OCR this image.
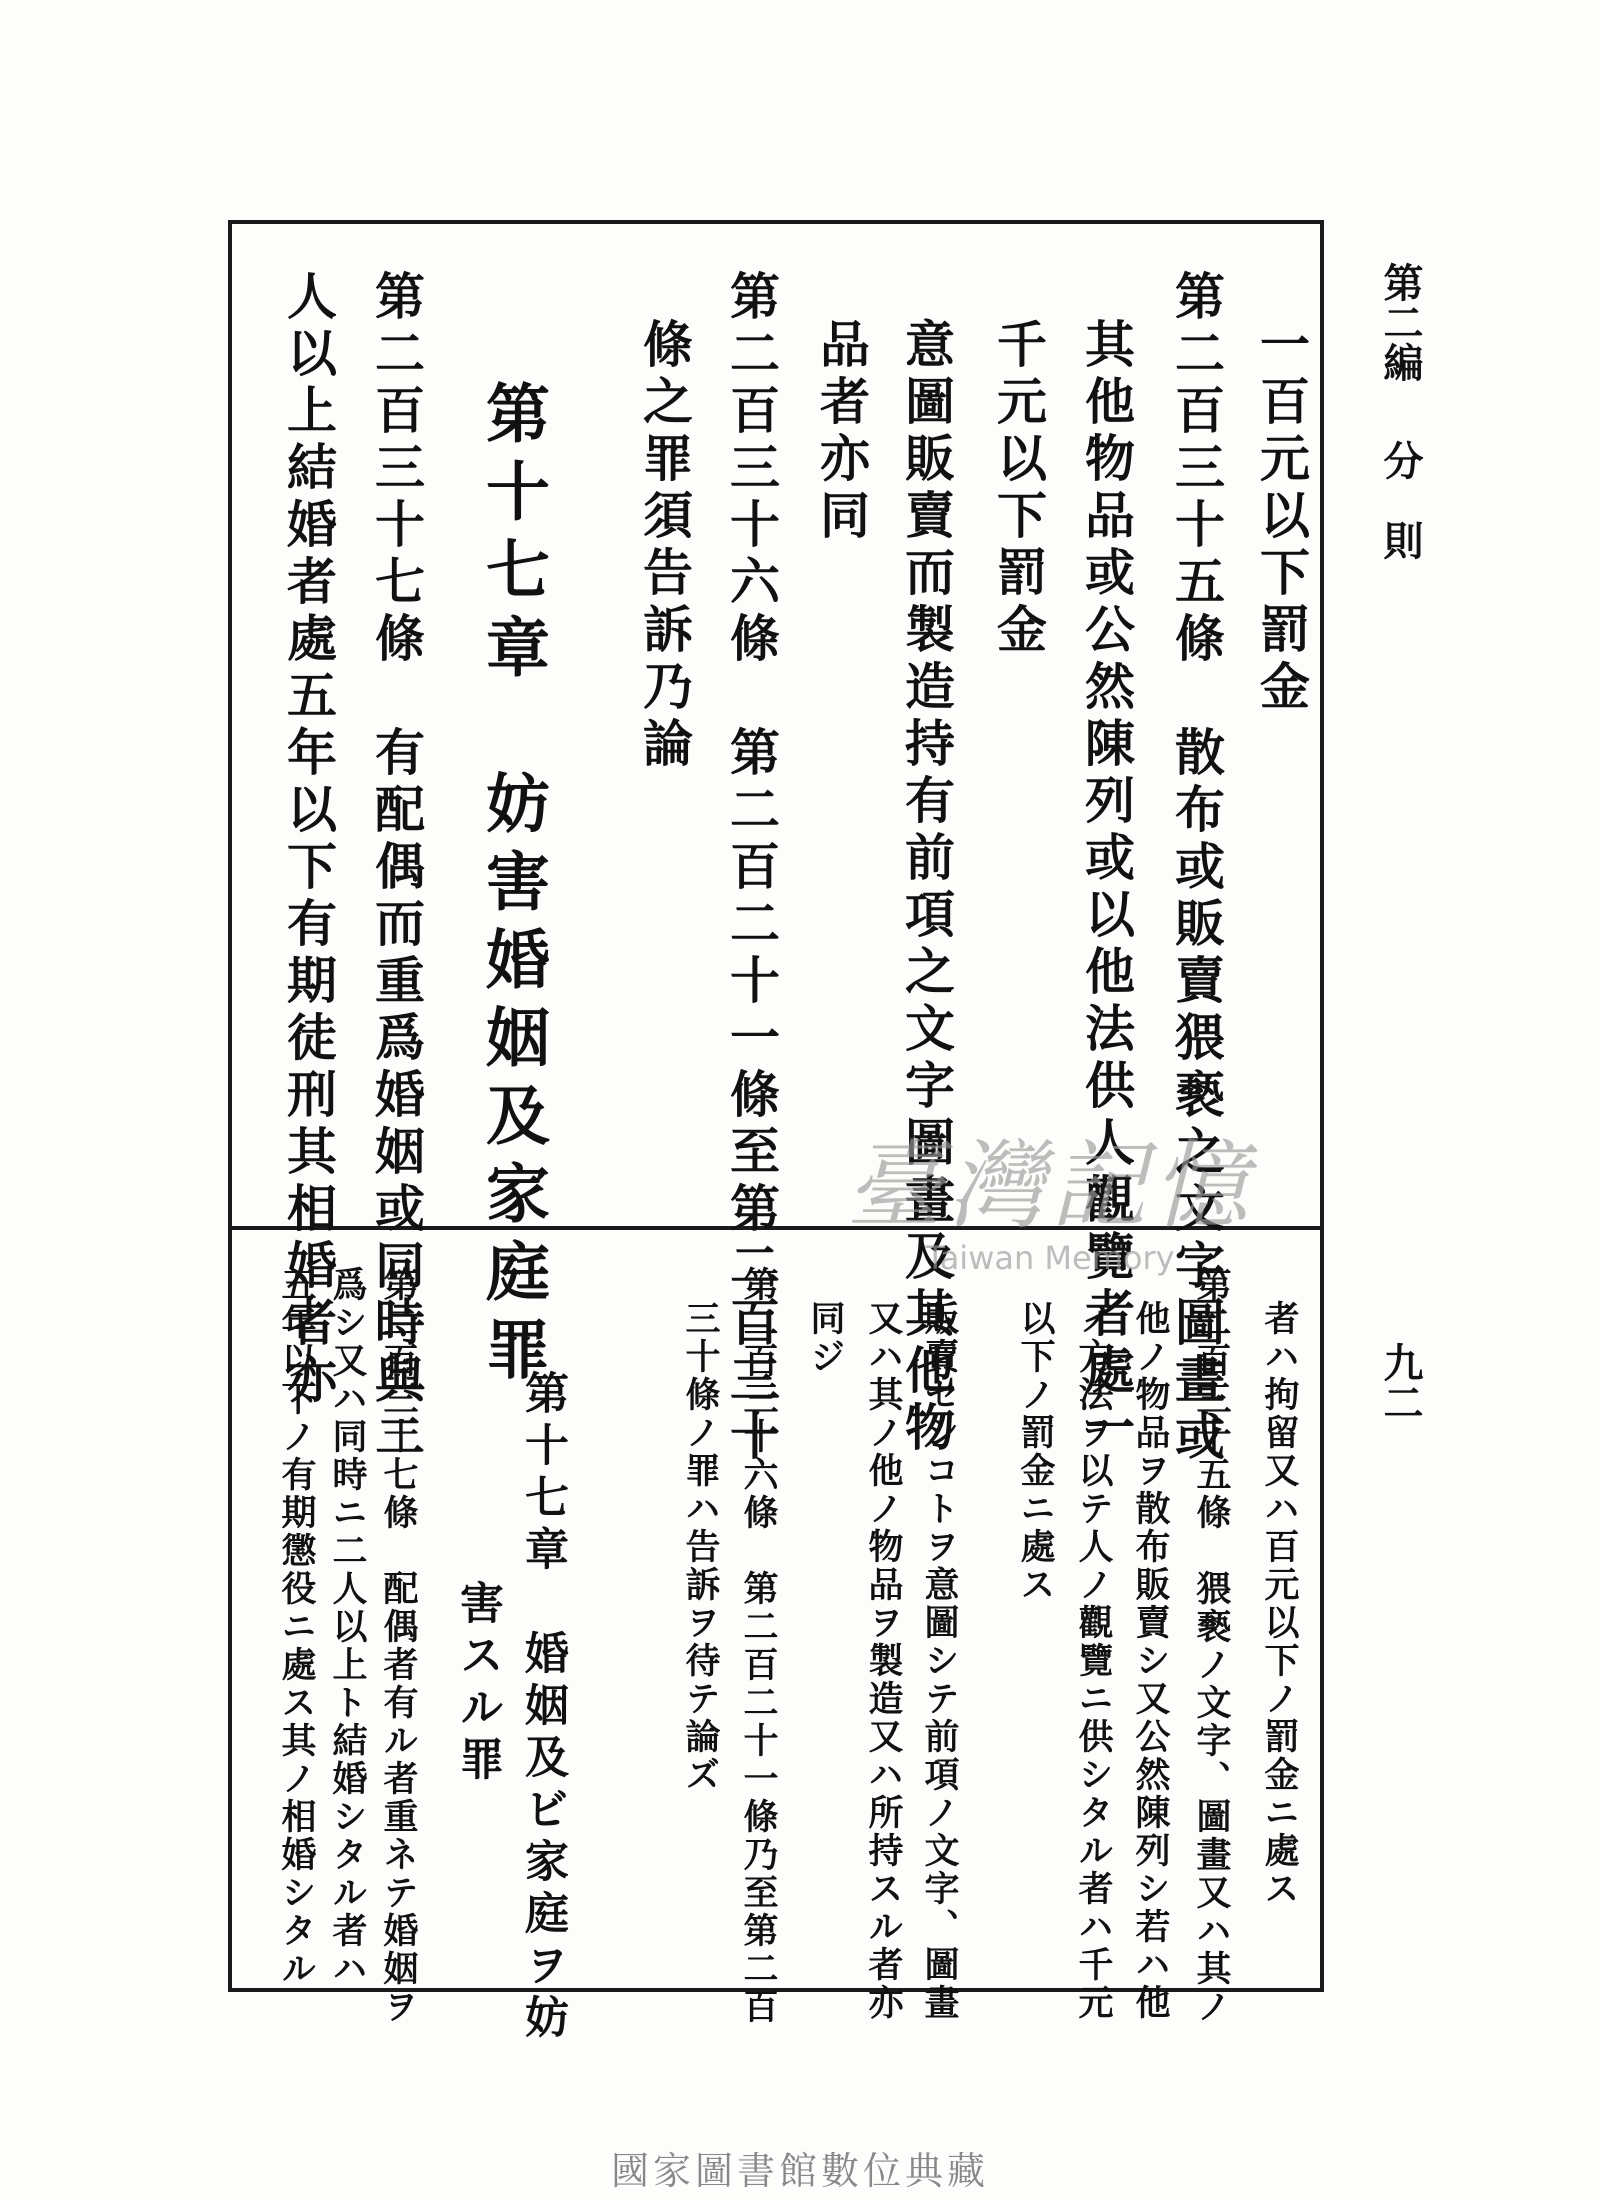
第二編
分　則
九二
一百元以下罰金
第二百三十五條　散布或販賣猥褻之文字圖畫或
其他物品或公然陳列或以他法供人觀覽者處一
千元以下罰金
意圖販賣而製造持有前項之文字圖畫及其他物
品者亦同
第二百三十六條　第二百二十一條至第二百三十
條之罪須告訴乃論
第十七章　妨害婚姻及家庭罪
第二百三十七條　有配偶而重爲婚姻或同時與二
人以上結婚者處五年以下有期徒刑其相婚者亦
者ハ拘留又ハ百元以下ノ罰金ニ處ス
第二百三十五條　猥褻ノ文字、圖畫又ハ其ノ
他ノ物品ヲ散布販賣シ又公然陳列シ若ハ他
ノ方法ヲ以テ人ノ觀覽ニ供シタル者ハ千元
以下ノ罰金ニ處ス
販賣セシコトヲ意圖シテ前項ノ文字、圖畫
又ハ其ノ他ノ物品ヲ製造又ハ所持スル者亦
同ジ
第二百三十六條　第二百二十一條乃至第二百
三十條ノ罪ハ告訴ヲ待テ論ズ
第十七章　婚姻及ビ家庭ヲ妨
害スル罪
第二百三十七條　配偶者有ル者重ネテ婚姻ヲ
爲シ又ハ同時ニ二人以上ト結婚シタル者ハ
五年以下ノ有期懲役ニ處ス其ノ相婚シタル
臺灣記憶
Taiwan Memory
國家圖書館數位典藏
